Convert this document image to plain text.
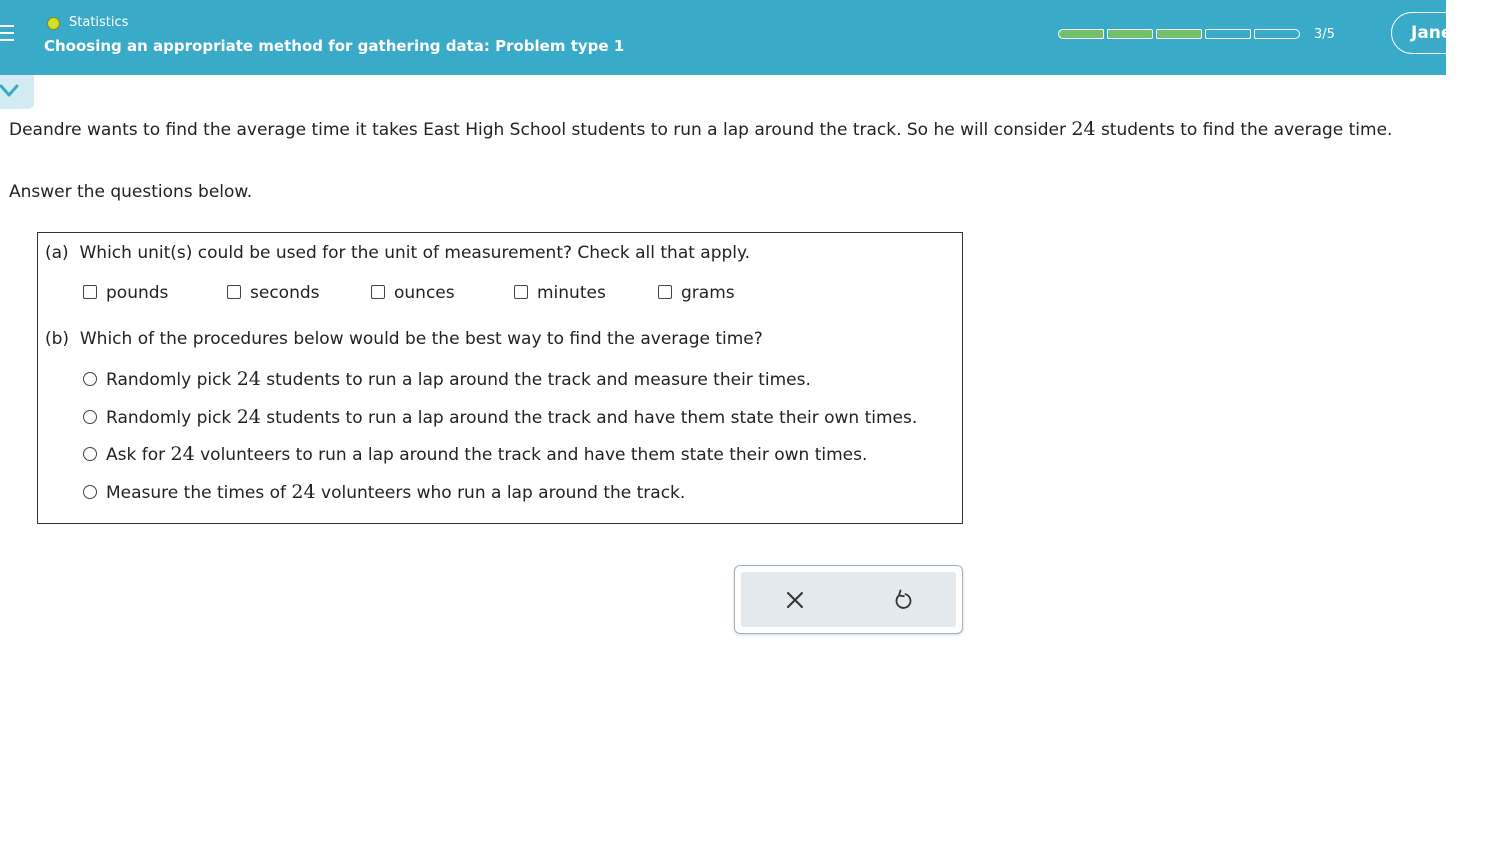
Statistics
Choosing an appropriate method for gathering data: Problem type 1
3/5	Jane
Deandre wants to find the average time it takes East High School students to run a lap around the track. So he will consider 24 students to find the average time.
Answer the questions below.
(a) Which unit(s) could be used for the unit of measurement? Check all that apply.
pounds	seconds	ounces	minutes	grams
(b) Which of the procedures below would be the best way to find the average time?
Randomly pick 24 students to run a lap around the track and measure their times.
Randomly pick 24 students to run a lap around the track and have them state their own times.
Ask for 24 volunteers to run a lap around the track and have them state their own times.
Measure the times of 24 volunteers who run a lap around the track.
